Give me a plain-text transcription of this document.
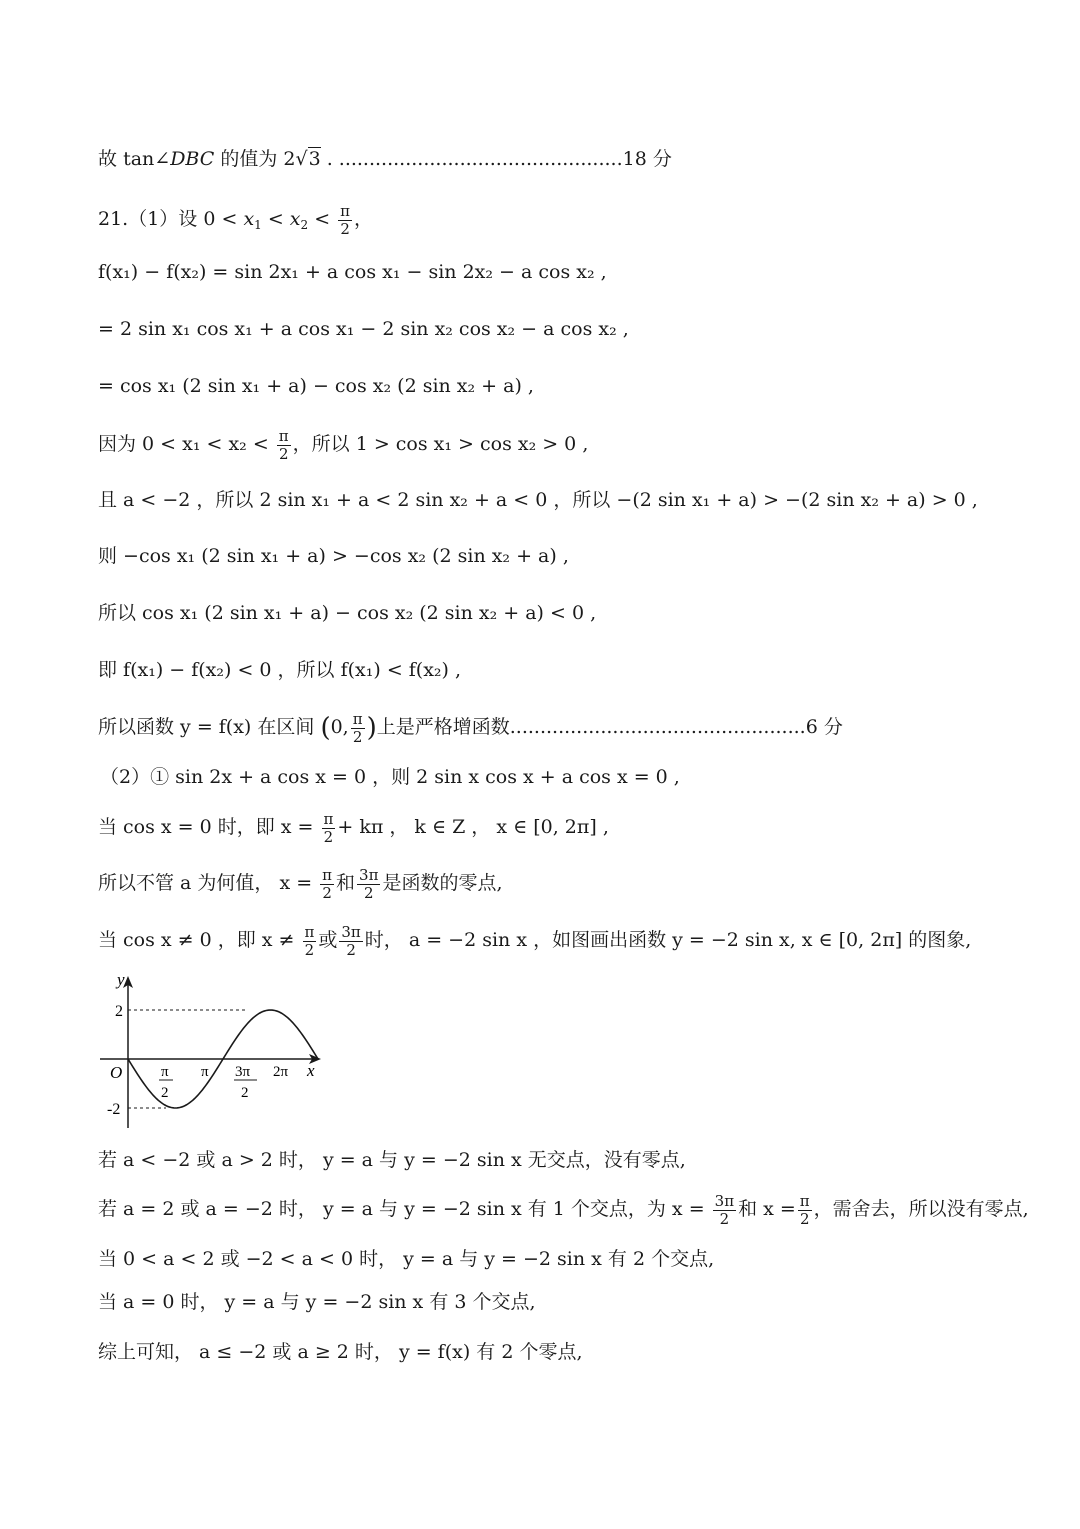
故 tan∠DBC 的值为 2√3 . ...............................................18 分
21.（1）设 $0 < x_1 < x_2 < \frac{\pi}{2}$ ，
f(x₁) − f(x₂) = sin 2x₁ + a cos x₁ − sin 2x₂ − a cos x₂ ,
= 2 sin x₁ cos x₁ + a cos x₁ − 2 sin x₂ cos x₂ − a cos x₂ ,
= cos x₁ (2 sin x₁ + a) − cos x₂ (2 sin x₂ + a) ,
因为 $0 < x_1 < x_2 < \frac{\pi}{2}$ ，所以 1 > cos x₁ > cos x₂ > 0 ,
且 a < −2 ，所以 2 sin x₁ + a < 2 sin x₂ + a < 0 ，所以 −(2 sin x₁ + a) > −(2 sin x₂ + a) > 0 ,
则 −cos x₁ (2 sin x₁ + a) > −cos x₂ (2 sin x₂ + a) ,
所以 cos x₁ (2 sin x₁ + a) − cos x₂ (2 sin x₂ + a) < 0 ,
即 f(x₁) − f(x₂) < 0 ，所以 f(x₁) < f(x₂) ,
所以函数 y = f(x) 在区间 (0, $\frac{\pi}{2}$ )上是严格增函数.................................................6 分
（2）① sin 2x + a cos x = 0 ，则 2 sin x cos x + a cos x = 0 ,
当 cos x = 0 时，即 $x = \frac{\pi}{2} + k\pi$ ， k ∈ Z ， x ∈ [0, 2π] ,
所以不管 a 为何值， $x = \frac{\pi}{2}$ 和 $\frac{3\pi}{2}$ 是函数的零点,
当 cos x ≠ 0 ，即 $x \ne \frac{\pi}{2}$ 或 $\frac{3\pi}{2}$ 时， a = −2 sin x ，如图画出函数 y = −2 sin x, x ∈ [0, 2π] 的图象,
y
x
O
2
-2
π
2
π 3π
2
2π
若 a < −2 或 a > 2 时， y = a 与 y = −2 sin x 无交点，没有零点,
若 a = 2 或 a = −2 时， y = a 与 y = −2 sin x 有 1 个交点，为 $x = \frac{3\pi}{2}$ 和 $x = \frac{\pi}{2}$ ，需舍去，所以没有零点,
当 0 < a < 2 或 −2 < a < 0 时， y = a 与 y = −2 sin x 有 2 个交点,
当 a = 0 时， y = a 与 y = −2 sin x 有 3 个交点,
综上可知， a ≤ −2 或 a ≥ 2 时， y = f(x) 有 2 个零点,
